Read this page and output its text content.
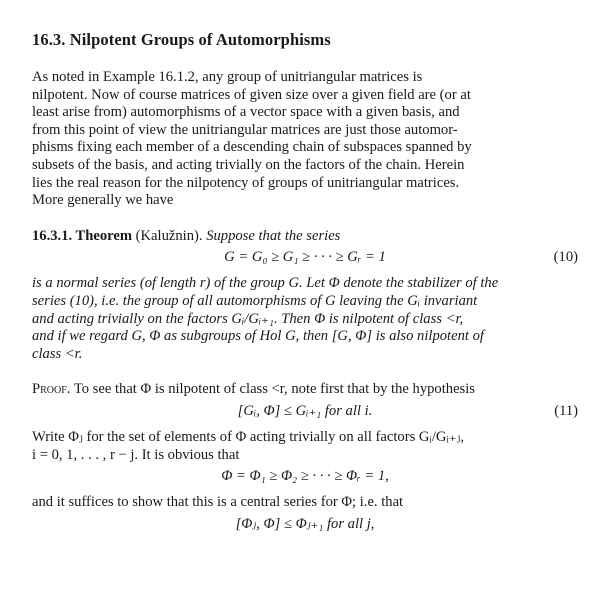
16.3. Nilpotent Groups of Automorphisms

As noted in Example 16.1.2, any group of unitriangular matrices is

nilpotent. Now of course matrices of given size over a given field are (or at

least arise from) automorphisms of a vector space with a given basis, and

from this point of view the unitriangular matrices are just those automor-

phisms fixing each member of a descending chain of subspaces spanned by

subsets of the basis, and acting trivially on the factors of the chain. Herein

lies the real reason for the nilpotency of groups of unitriangular matrices.

More generally we have

16.3.1. Theorem (Kalužnin). Suppose that the series

G = G₀ ≥ G₁ ≥ · · · ≥ Gᵣ = 1	(10)

is a normal series (of length r) of the group G. Let Φ denote the stabilizer of the

series (10), i.e. the group of all automorphisms of G leaving the Gᵢ invariant

and acting trivially on the factors Gᵢ/Gᵢ₊₁. Then Φ is nilpotent of class <r,

and if we regard G, Φ as subgroups of Hol G, then [G, Φ] is also nilpotent of

class <r.

Proof. To see that Φ is nilpotent of class <r, note first that by the hypothesis

[Gᵢ, Φ] ≤ Gᵢ₊₁ for all i.	(11)

Write Φⱼ for the set of elements of Φ acting trivially on all factors Gᵢ/Gᵢ₊ⱼ,

i = 0, 1, . . . , r − j. It is obvious that

Φ = Φ₁ ≥ Φ₂ ≥ · · · ≥ Φᵣ = 1,

and it suffices to show that this is a central series for Φ; i.e. that

[Φⱼ, Φ] ≤ Φⱼ₊₁ for all j,
